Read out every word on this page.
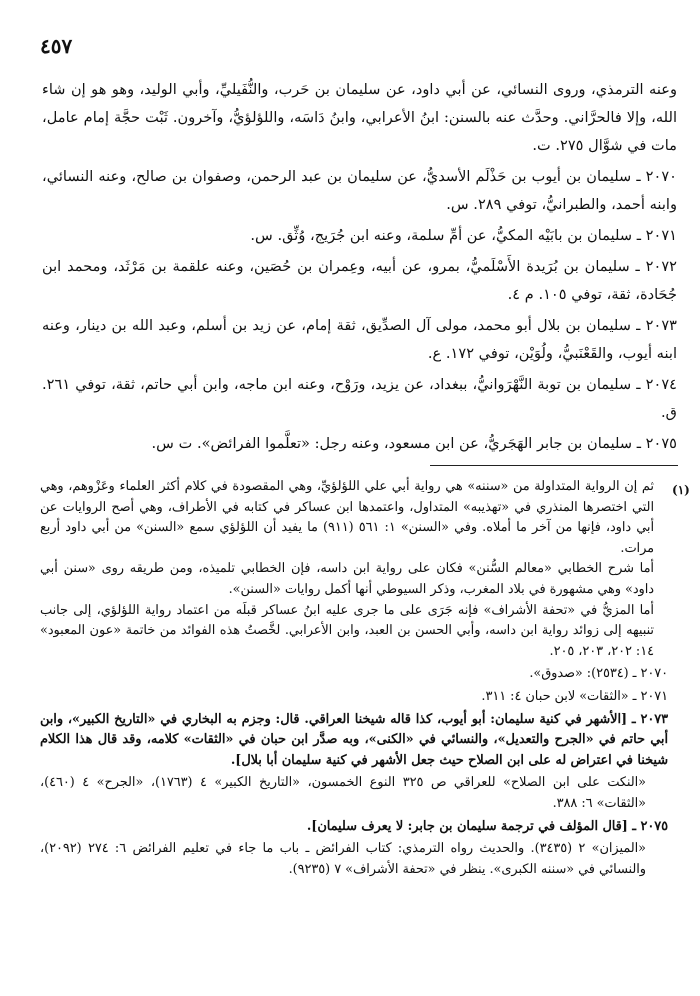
٤٥٧

وعنه الترمذي، وروى النسائي، عن أبي داود، عن سليمان بن حَرب، والنُّفَيليِّ، وأبي الوليد، وهو هو إن شاء الله، وإلا فالحرَّاني. وحدَّث عنه بالسنن: ابنُ الأعرابي، وابنُ دَاسَه، واللؤلؤيُّ، وآخرون. ثَبْت حجَّة إمام عامل، مات في شوَّال ٢٧٥. ت.

٢٠٧٠ ـ سليمان بن أيوب بن حَذْلَم الأسديُّ، عن سليمان بن عبد الرحمن، وصفوان بن صالح، وعنه النسائي، وابنه أحمد، والطبرانيُّ، توفي ٢٨٩. س.

٢٠٧١ ـ سليمان بن بابَيْه المكيُّ، عن أمِّ سلمة، وعنه ابن جُرَيج، وُثِّق. س.

٢٠٧٢ ـ سليمان بن بُرَيدة الأَسْلَميُّ، بمرو، عن أبيه، وعِمران بن حُصَين، وعنه علقمة بن مَرْثَد، ومحمد ابن جُحَادة، ثقة، توفي ١٠٥. م ٤.

٢٠٧٣ ـ سليمان بن بلال أبو محمد، مولى آل الصدِّيق، ثقة إمام، عن زيد بن أسلم، وعبد الله بن دينار، وعنه ابنه أيوب، والقَعْنَبيُّ، ولُوَيْن، توفي ١٧٢. ع.

٢٠٧٤ ـ سليمان بن توبة النَّهْرَوانيُّ، ببغداد، عن يزيد، ورَوْح، وعنه ابن ماجه، وابن أبي حاتم، ثقة، توفي ٢٦١. ق.

٢٠٧٥ ـ سليمان بن جابر الهَجَريُّ، عن ابن مسعود، وعنه رجل: «تعلَّموا الفرائض». ت س.

(١)

ثم إن الرواية المتداولة من «سننه» هي رواية أبي علي اللؤلؤيِّ، وهي المقصودة في كلام أكثر العلماء وعَزْوهم، وهي التي اختصرها المنذري في «تهذيبه» المتداول، واعتمدها ابن عساكر في كتابه في الأطراف، وهي أصح الروايات عن أبي داود، فإنها من آخر ما أملاه. وفي «السنن» ١: ٥٦١ (٩١١) ما يفيد أن اللؤلؤي سمع «السنن» من أبي داود أربع مرات.

أما شرح الخطابي «معالم السُّنن» فكان على رواية ابن داسه، فإن الخطابي تلميذه، ومن طريقه روى «سنن أبي داود» وهي مشهورة في بلاد المغرب، وذكر السيوطي أنها أكمل روايات «السنن».

أما المزيُّ في «تحفة الأشراف» فإنه جَرَى على ما جرى عليه ابنُ عساكر قبلَه من اعتماد رواية اللؤلؤي، إلى جانب تنبيهه إلى زوائد رواية ابن داسه، وأبي الحسن بن العبد، وابن الأعرابي. لخَّصتُ هذه الفوائد من خاتمة «عون المعبود» ١٤: ٢٠٢، ٢٠٣، ٢٠٥.

٢٠٧٠ ـ (٢٥٣٤): «صدوق».

٢٠٧١ ـ «الثقات» لابن حبان ٤: ٣١١.

٢٠٧٣ ـ [الأشهر في كنية سليمان: أبو أيوب، كذا قاله شيخنا العراقي. قال: وجزم به البخاري في «التاريخ الكبير»، وابن أبي حاتم في «الجرح والتعديل»، والنسائي في «الكنى»، وبه صدَّر ابن حبان في «الثقات» كلامه، وقد قال هذا الكلام شيخنا في اعتراض له على ابن الصلاح حيث جعل الأشهر في كنية سليمان أبا بلال].

«النكت على ابن الصلاح» للعراقي ص ٣٢٥ النوع الخمسون، «التاريخ الكبير» ٤ (١٧٦٣)، «الجرح» ٤ (٤٦٠)، «الثقات» ٦: ٣٨٨.

٢٠٧٥ ـ [قال المؤلف في ترجمة سليمان بن جابر: لا يعرف سليمان].

«الميزان» ٢ (٣٤٣٥). والحديث رواه الترمذي: كتاب الفرائض ـ باب ما جاء في تعليم الفرائض ٦: ٢٧٤ (٢٠٩٢)، والنسائي في «سننه الكبرى». ينظر في «تحفة الأشراف» ٧ (٩٢٣٥).
